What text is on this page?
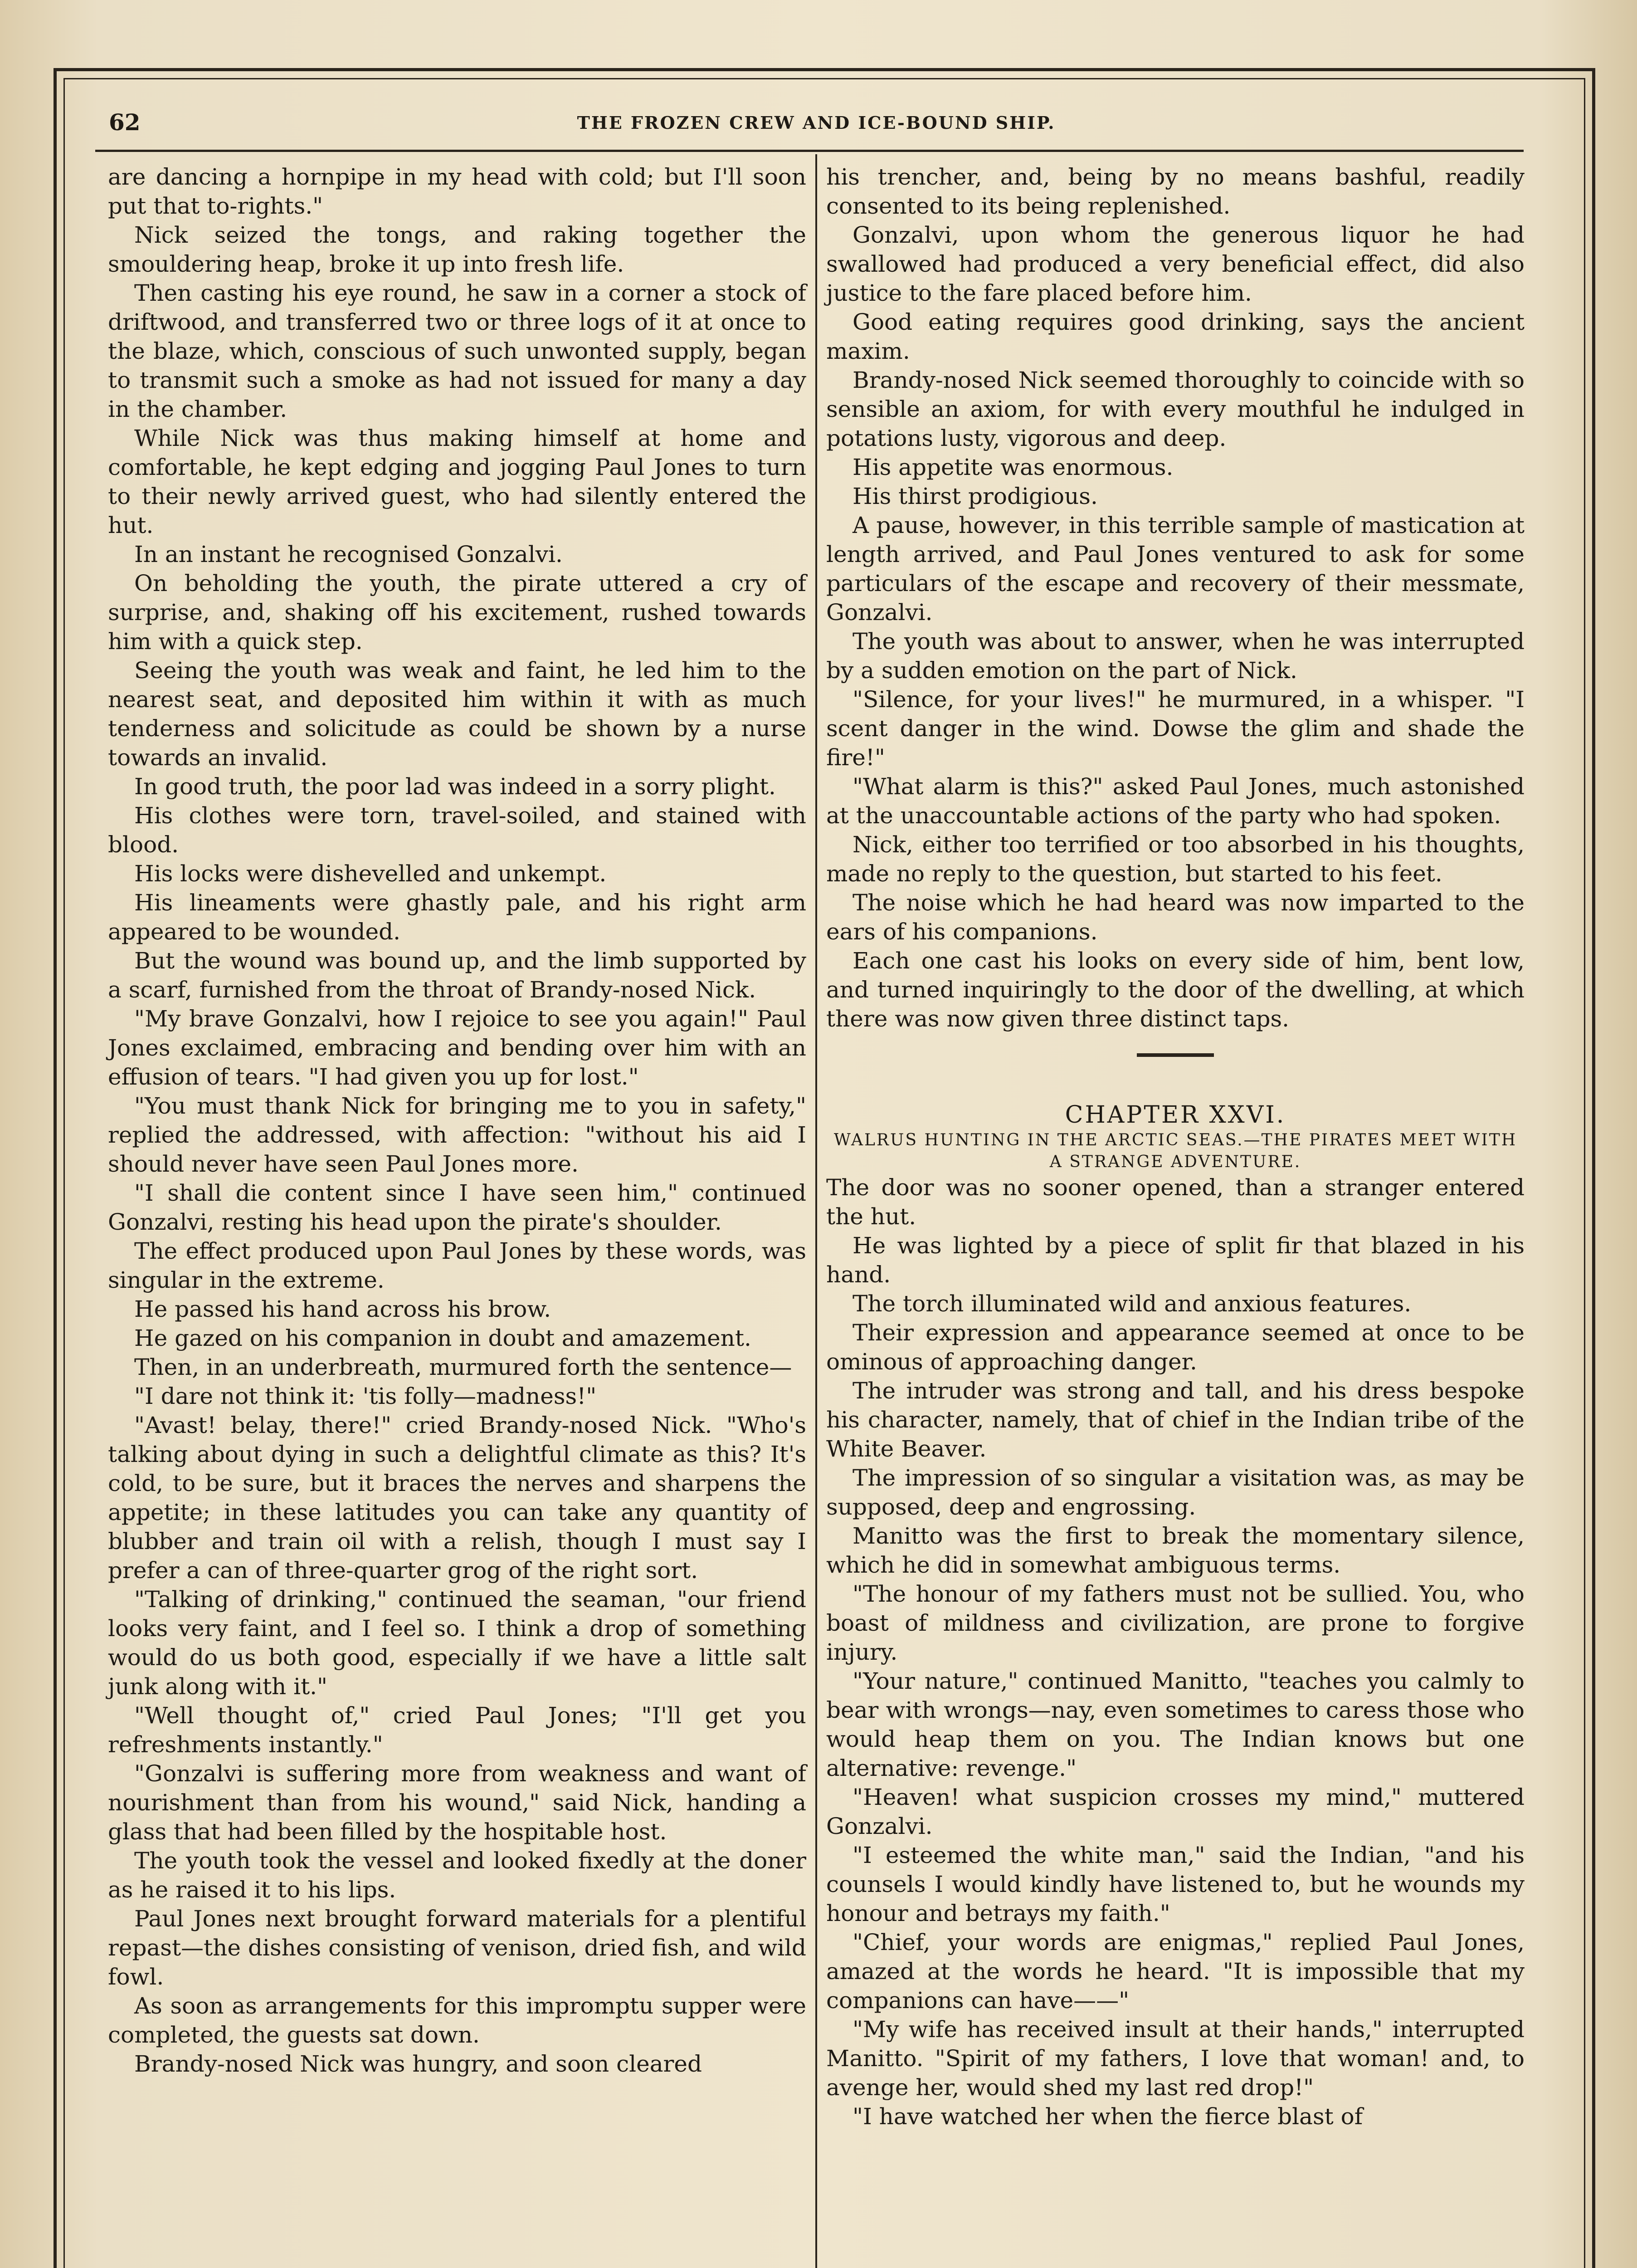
62	THE FROZEN CREW AND ICE-BOUND SHIP.

are dancing a hornpipe in my head with cold; but I'll soon put that to-rights."

Nick seized the tongs, and raking together the smouldering heap, broke it up into fresh life.

Then casting his eye round, he saw in a corner a stock of driftwood, and transferred two or three logs of it at once to the blaze, which, conscious of such unwonted supply, began to transmit such a smoke as had not issued for many a day in the chamber.

While Nick was thus making himself at home and comfortable, he kept edging and jogging Paul Jones to turn to their newly arrived guest, who had silently entered the hut.

In an instant he recognised Gonzalvi.

On beholding the youth, the pirate uttered a cry of surprise, and, shaking off his excitement, rushed towards him with a quick step.

Seeing the youth was weak and faint, he led him to the nearest seat, and deposited him within it with as much tenderness and solicitude as could be shown by a nurse towards an invalid.

In good truth, the poor lad was indeed in a sorry plight.

His clothes were torn, travel-soiled, and stained with blood.

His locks were dishevelled and unkempt.

His lineaments were ghastly pale, and his right arm appeared to be wounded.

But the wound was bound up, and the limb supported by a scarf, furnished from the throat of Brandy-nosed Nick.

"My brave Gonzalvi, how I rejoice to see you again!" Paul Jones exclaimed, embracing and bending over him with an effusion of tears. "I had given you up for lost."

"You must thank Nick for bringing me to you in safety," replied the addressed, with affection: "without his aid I should never have seen Paul Jones more.

"I shall die content since I have seen him," continued Gonzalvi, resting his head upon the pirate's shoulder.

The effect produced upon Paul Jones by these words, was singular in the extreme.

He passed his hand across his brow.

He gazed on his companion in doubt and amazement.

Then, in an underbreath, murmured forth the sentence—

"I dare not think it: 'tis folly—madness!"

"Avast! belay, there!" cried Brandy-nosed Nick. "Who's talking about dying in such a delightful climate as this? It's cold, to be sure, but it braces the nerves and sharpens the appetite; in these latitudes you can take any quantity of blubber and train oil with a relish, though I must say I prefer a can of three-quarter grog of the right sort.

"Talking of drinking," continued the seaman, "our friend looks very faint, and I feel so. I think a drop of something would do us both good, especially if we have a little salt junk along with it."

"Well thought of," cried Paul Jones; "I'll get you refreshments instantly."

"Gonzalvi is suffering more from weakness and want of nourishment than from his wound," said Nick, handing a glass that had been filled by the hospitable host.

The youth took the vessel and looked fixedly at the doner as he raised it to his lips.

Paul Jones next brought forward materials for a plentiful repast—the dishes consisting of venison, dried fish, and wild fowl.

As soon as arrangements for this impromptu supper were completed, the guests sat down.

Brandy-nosed Nick was hungry, and soon cleared

his trencher, and, being by no means bashful, readily consented to its being replenished.

Gonzalvi, upon whom the generous liquor he had swallowed had produced a very beneficial effect, did also justice to the fare placed before him.

Good eating requires good drinking, says the ancient maxim.

Brandy-nosed Nick seemed thoroughly to coincide with so sensible an axiom, for with every mouthful he indulged in potations lusty, vigorous and deep.

His appetite was enormous.

His thirst prodigious.

A pause, however, in this terrible sample of mastication at length arrived, and Paul Jones ventured to ask for some particulars of the escape and recovery of their messmate, Gonzalvi.

The youth was about to answer, when he was interrupted by a sudden emotion on the part of Nick.

"Silence, for your lives!" he murmured, in a whisper. "I scent danger in the wind. Dowse the glim and shade the fire!"

"What alarm is this?" asked Paul Jones, much astonished at the unaccountable actions of the party who had spoken.

Nick, either too terrified or too absorbed in his thoughts, made no reply to the question, but started to his feet.

The noise which he had heard was now imparted to the ears of his companions.

Each one cast his looks on every side of him, bent low, and turned inquiringly to the door of the dwelling, at which there was now given three distinct taps.

CHAPTER XXVI.

WALRUS HUNTING IN THE ARCTIC SEAS.—THE PIRATES MEET WITH A STRANGE ADVENTURE.

The door was no sooner opened, than a stranger entered the hut.

He was lighted by a piece of split fir that blazed in his hand.

The torch illuminated wild and anxious features.

Their expression and appearance seemed at once to be ominous of approaching danger.

The intruder was strong and tall, and his dress bespoke his character, namely, that of chief in the Indian tribe of the White Beaver.

The impression of so singular a visitation was, as may be supposed, deep and engrossing.

Manitto was the first to break the momentary silence, which he did in somewhat ambiguous terms.

"The honour of my fathers must not be sullied. You, who boast of mildness and civilization, are prone to forgive injury.

"Your nature," continued Manitto, "teaches you calmly to bear with wrongs—nay, even sometimes to caress those who would heap them on you. The Indian knows but one alternative: revenge."

"Heaven! what suspicion crosses my mind," muttered Gonzalvi.

"I esteemed the white man," said the Indian, "and his counsels I would kindly have listened to, but he wounds my honour and betrays my faith."

"Chief, your words are enigmas," replied Paul Jones, amazed at the words he heard. "It is impossible that my companions can have——"

"My wife has received insult at their hands," interrupted Manitto. "Spirit of my fathers, I love that woman! and, to avenge her, would shed my last red drop!"

"I have watched her when the fierce blast of
